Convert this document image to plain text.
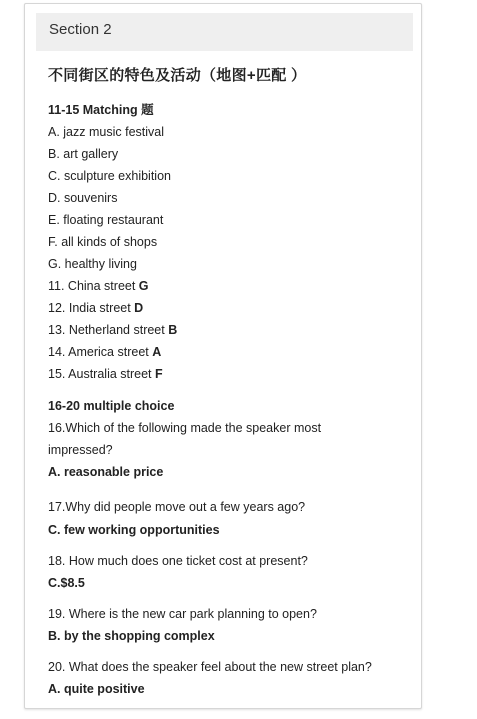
Section 2
不同街区的特色及活动（地图+匹配 ）
11-15 Matching 题
A. jazz music festival
B. art gallery
C. sculpture exhibition
D. souvenirs
E. floating restaurant
F. all kinds of shops
G. healthy living
11. China street G
12. India street D
13. Netherland street B
14. America street A
15. Australia street F
16-20 multiple choice
16.Which of the following made the speaker most
impressed?
A. reasonable price
17.Why did people move out a few years ago?
C. few working opportunities
18. How much does one ticket cost at present?
C.$8.5
19. Where is the new car park planning to open?
B. by the shopping complex
20. What does the speaker feel about the new street plan?
A. quite positive
